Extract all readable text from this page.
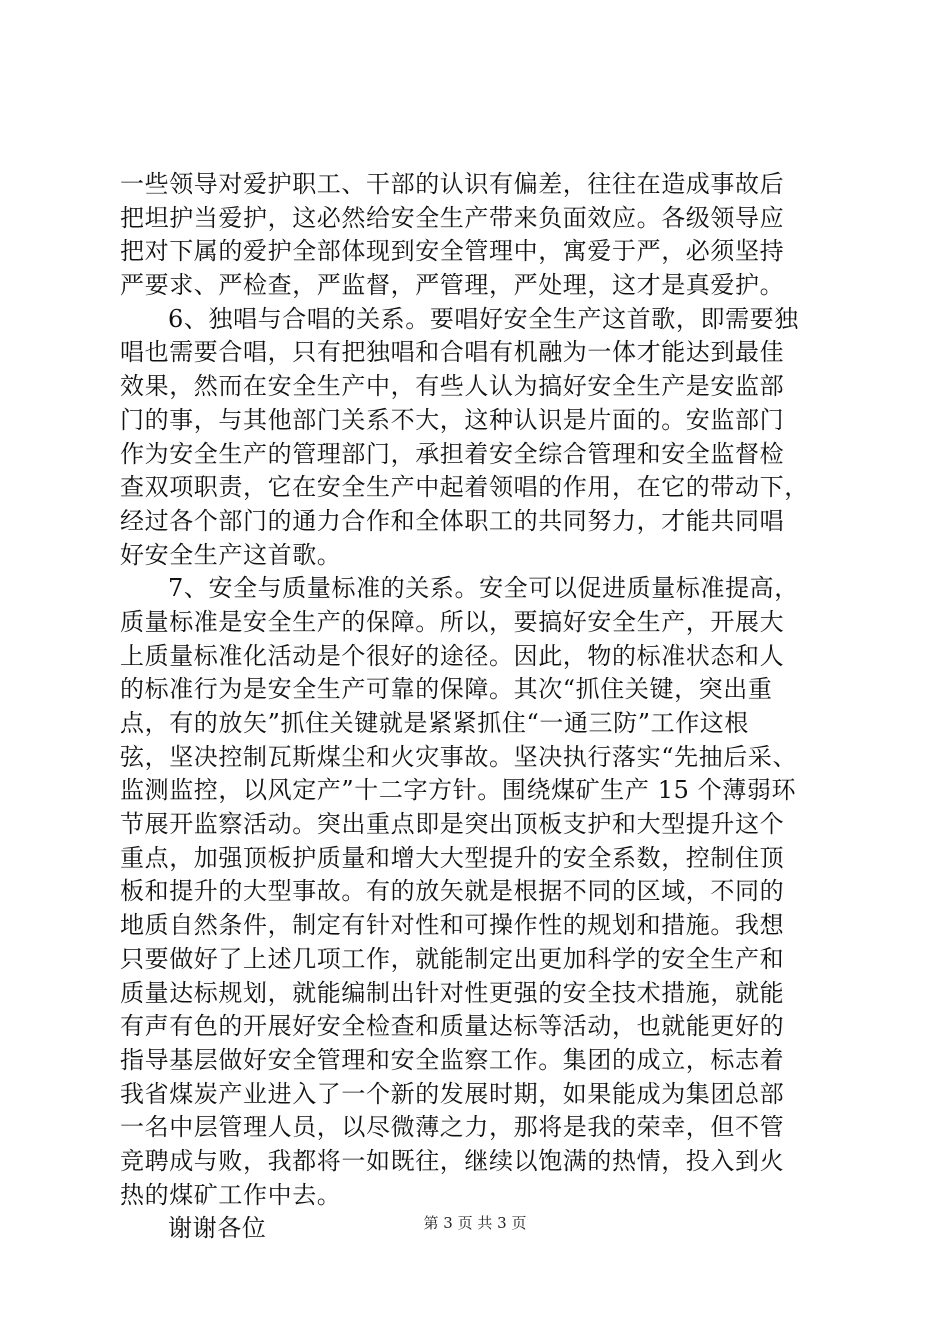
一些领导对爱护职工、干部的认识有偏差，往往在造成事故后
把坦护当爱护，这必然给安全生产带来负面效应。各级领导应
把对下属的爱护全部体现到安全管理中，寓爱于严，必须坚持
严要求、严检查，严监督，严管理，严处理，这才是真爱护。
6、独唱与合唱的关系。要唱好安全生产这首歌，即需要独
唱也需要合唱，只有把独唱和合唱有机融为一体才能达到最佳
效果，然而在安全生产中，有些人认为搞好安全生产是安监部
门的事，与其他部门关系不大，这种认识是片面的。安监部门
作为安全生产的管理部门，承担着安全综合管理和安全监督检
查双项职责，它在安全生产中起着领唱的作用，在它的带动下，
经过各个部门的通力合作和全体职工的共同努力，才能共同唱
好安全生产这首歌。
7、安全与质量标准的关系。安全可以促进质量标准提高，
质量标准是安全生产的保障。所以，要搞好安全生产，开展大
上质量标准化活动是个很好的途径。因此，物的标准状态和人
的标准行为是安全生产可靠的保障。其次“抓住关键，突出重
点，有的放矢”抓住关键就是紧紧抓住“一通三防”工作这根
弦，坚决控制瓦斯煤尘和火灾事故。坚决执行落实“先抽后采、
监测监控，以风定产”十二字方针。围绕煤矿生产 15 个薄弱环
节展开监察活动。突出重点即是突出顶板支护和大型提升这个
重点，加强顶板护质量和增大大型提升的安全系数，控制住顶
板和提升的大型事故。有的放矢就是根据不同的区域，不同的
地质自然条件，制定有针对性和可操作性的规划和措施。我想
只要做好了上述几项工作，就能制定出更加科学的安全生产和
质量达标规划，就能编制出针对性更强的安全技术措施，就能
有声有色的开展好安全检查和质量达标等活动，也就能更好的
指导基层做好安全管理和安全监察工作。集团的成立，标志着
我省煤炭产业进入了一个新的发展时期，如果能成为集团总部
一名中层管理人员，以尽微薄之力，那将是我的荣幸，但不管
竞聘成与败，我都将一如既往，继续以饱满的热情，投入到火
热的煤矿工作中去。
谢谢各位	第 3 页 共 3 页
